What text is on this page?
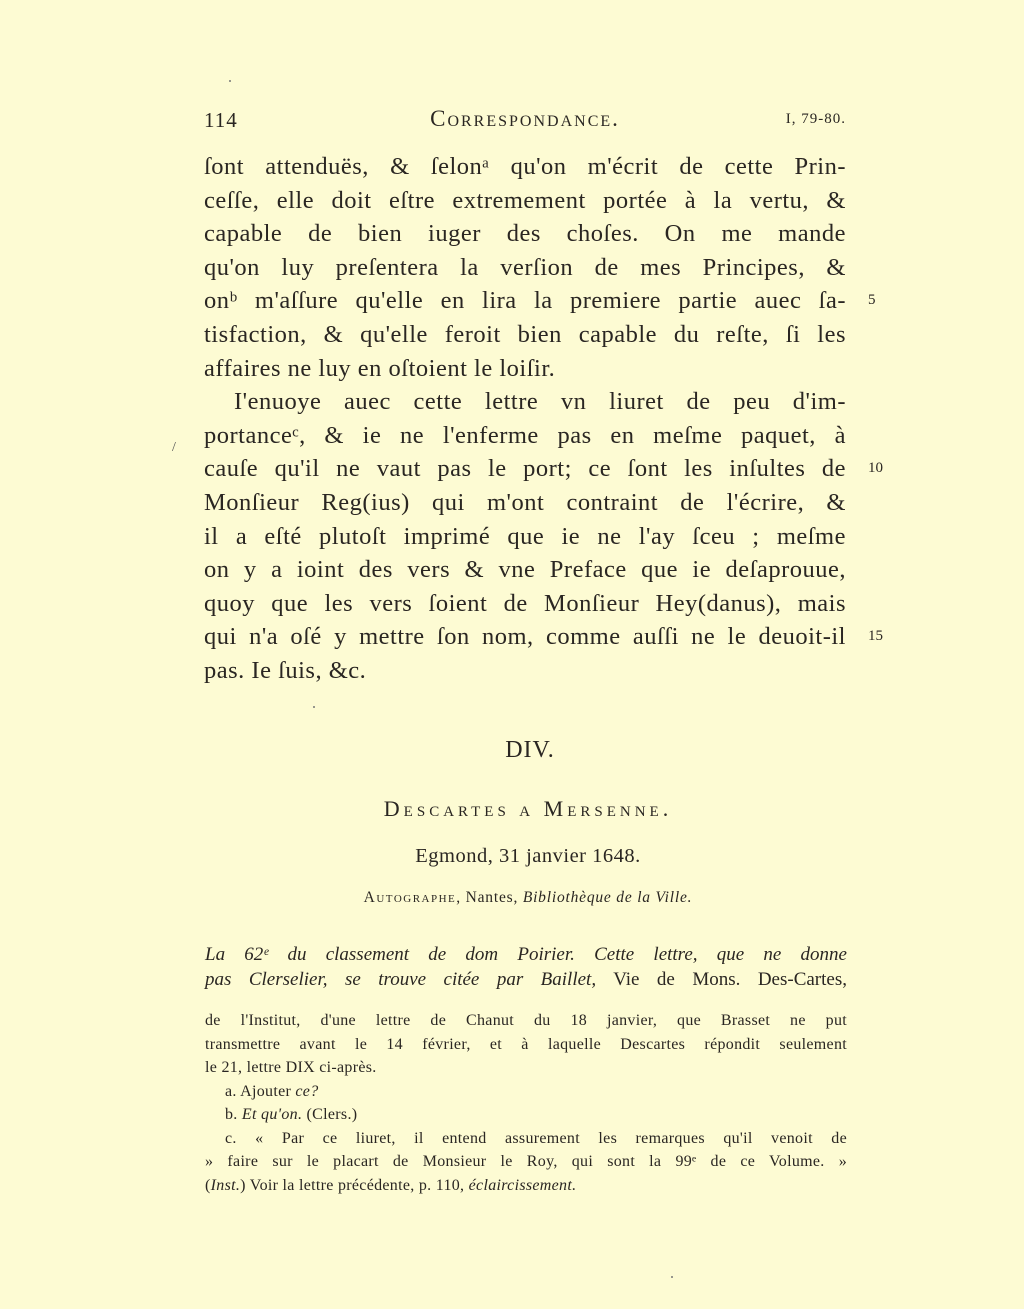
114	Correspondance.	I, 79-80.
/
ſont attenduës, & ſelonᵃ qu'on m'écrit de cette Prin-
ceſſe, elle doit eſtre extremement portée à la vertu, &
capable de bien iuger des choſes. On me mande
qu'on luy preſentera la verſion de mes Principes, &
onᵇ m'aſſure qu'elle en lira la premiere partie auec ſa-
tisfaction, & qu'elle feroit bien capable du reſte, ſi les
affaires ne luy en oſtoient le loiſir.
I'enuoye auec cette lettre vn liuret de peu d'im-
portanceᶜ, & ie ne l'enferme pas en meſme paquet, à
cauſe qu'il ne vaut pas le port; ce ſont les inſultes de
Monſieur Reg(ius) qui m'ont contraint de l'écrire, &
il a eſté plutoſt imprimé que ie ne l'ay ſceu ; meſme
on y a ioint des vers & vne Preface que ie deſaprouue,
quoy que les vers ſoient de Monſieur Hey(danus), mais
qui n'a oſé y mettre ſon nom, comme auſſi ne le deuoit-il
pas. Ie ſuis, &c.
5
10
15
DIV.
Descartes a Mersenne.
Egmond, 31 janvier 1648.
Autographe, Nantes, Bibliothèque de la Ville.
La 62ᵉ du classement de dom Poirier. Cette lettre, que ne donne
pas Clerselier, se trouve citée par Baillet, Vie de Mons. Des-Cartes,
de l'Institut, d'une lettre de Chanut du 18 janvier, que Brasset ne put
transmettre avant le 14 février, et à laquelle Descartes répondit seulement
le 21, lettre DIX ci-après.
a. Ajouter ce?
b. Et qu'on. (Clers.)
c. « Par ce liuret, il entend assurement les remarques qu'il venoit de
» faire sur le placart de Monsieur le Roy, qui sont la 99ᵉ de ce Volume. »
(Inst.) Voir la lettre précédente, p. 110, éclaircissement.
